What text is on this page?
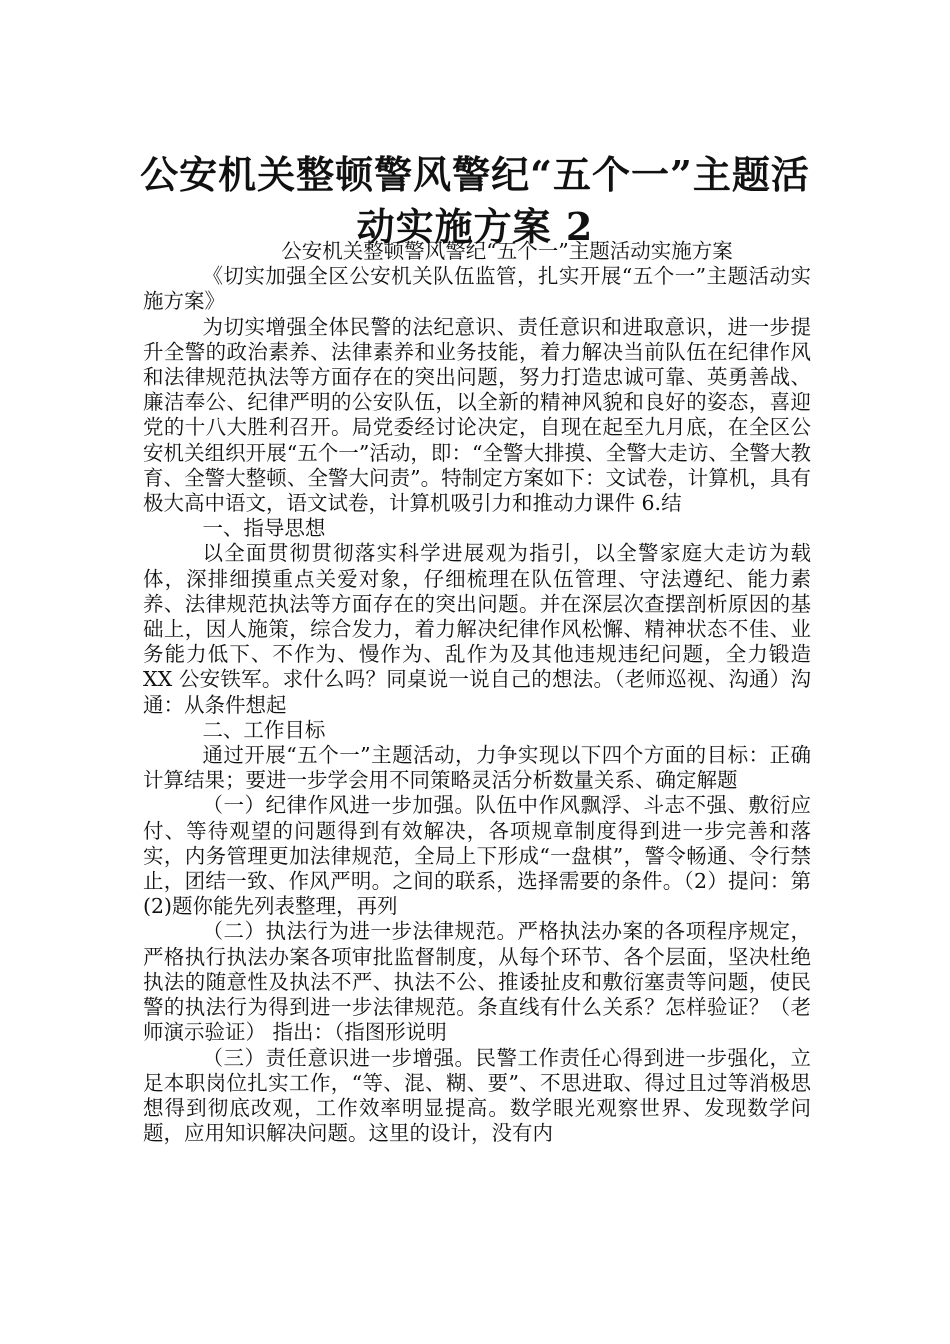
公安机关整顿警风警纪“五个一”主题活
动实施方案 2

公安机关整顿警风警纪“五个一”主题活动实施方案

《切实加强全区公安机关队伍监管，扎实开展“五个一”主题活动实施方案》

为切实增强全体民警的法纪意识、责任意识和进取意识，进一步提升全警的政治素养、法律素养和业务技能，着力解决当前队伍在纪律作风和法律规范执法等方面存在的突出问题，努力打造忠诚可靠、英勇善战、廉洁奉公、纪律严明的公安队伍，以全新的精神风貌和良好的姿态，喜迎党的十八大胜利召开。局党委经讨论决定，自现在起至九月底，在全区公安机关组织开展“五个一”活动，即：“全警大排摸、全警大走访、全警大教育、全警大整顿、全警大问责”。特制定方案如下：文试卷，计算机，具有极大高中语文，语文试卷，计算机吸引力和推动力课件 6.结

一、指导思想

以全面贯彻贯彻落实科学进展观为指引，以全警家庭大走访为载体，深排细摸重点关爱对象，仔细梳理在队伍管理、守法遵纪、能力素养、法律规范执法等方面存在的突出问题。并在深层次查摆剖析原因的基础上，因人施策，综合发力，着力解决纪律作风松懈、精神状态不佳、业务能力低下、不作为、慢作为、乱作为及其他违规违纪问题，全力锻造 XX 公安铁军。求什么吗？同桌说一说自己的想法。（老师巡视、沟通）沟通：从条件想起

二、工作目标

通过开展“五个一”主题活动，力争实现以下四个方面的目标：正确计算结果；要进一步学会用不同策略灵活分析数量关系、确定解题

（一）纪律作风进一步加强。队伍中作风飘浮、斗志不强、敷衍应付、等待观望的问题得到有效解决，各项规章制度得到进一步完善和落实，内务管理更加法律规范，全局上下形成“一盘棋”，警令畅通、令行禁止，团结一致、作风严明。之间的联系，选择需要的条件。（2）提问：第(2)题你能先列表整理，再列

（二）执法行为进一步法律规范。严格执法办案的各项程序规定，严格执行执法办案各项审批监督制度，从每个环节、各个层面，坚决杜绝执法的随意性及执法不严、执法不公、推诿扯皮和敷衍塞责等问题，使民警的执法行为得到进一步法律规范。条直线有什么关系？怎样验证？（老师演示验证） 指出：（指图形说明

（三）责任意识进一步增强。民警工作责任心得到进一步强化，立足本职岗位扎实工作，“等、混、糊、要”、不思进取、得过且过等消极思想得到彻底改观，工作效率明显提高。数学眼光观察世界、发现数学问题，应用知识解决问题。这里的设计，没有内
